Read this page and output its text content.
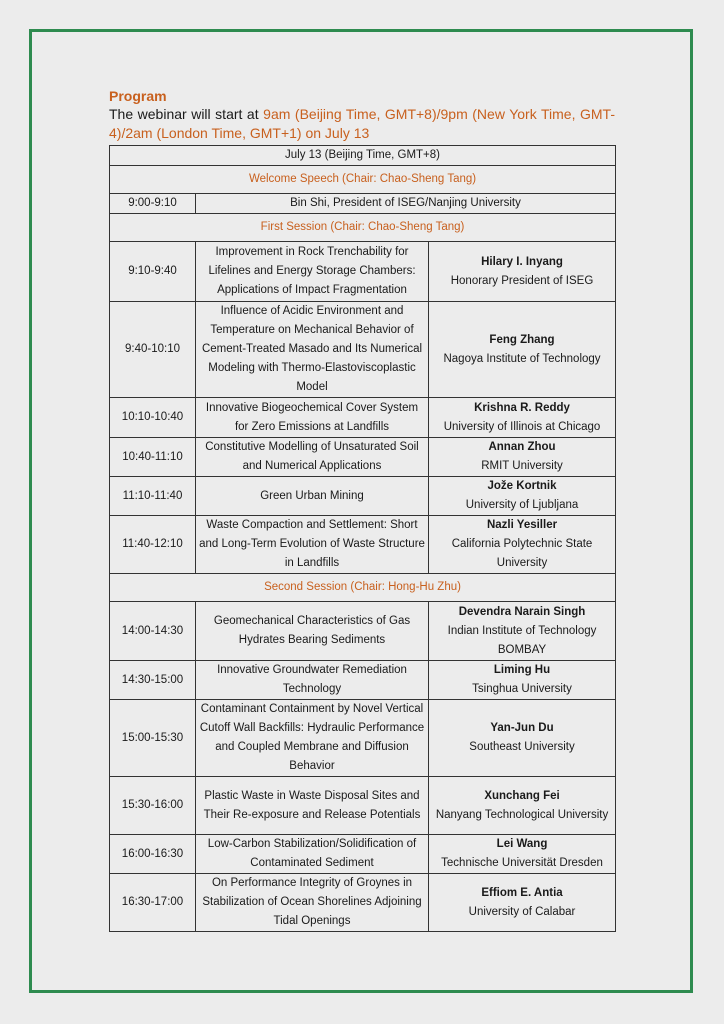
Program

The webinar will start at 9am (Beijing Time, GMT+8)/9pm (New York Time, GMT-4)/2am (London Time, GMT+1) on July 13

July 13 (Beijing Time, GMT+8)		
Welcome Speech (Chair: Chao-Sheng Tang)		
9:00-9:10	Bin Shi, President of ISEG/Nanjing University	
First Session (Chair: Chao-Sheng Tang)		
9:10-9:40	Improvement in Rock Trenchability for Lifelines and Energy Storage Chambers: Applications of Impact Fragmentation	Hilary I. Inyang
Honorary President of ISEG

9:40-10:10	Influence of Acidic Environment and Temperature on Mechanical Behavior of Cement-Treated Masado and Its Numerical Modeling with Thermo-Elastoviscoplastic Model	Feng Zhang
Nagoya Institute of Technology

10:10-10:40	Innovative Biogeochemical Cover System for Zero Emissions at Landfills	Krishna R. Reddy
University of Illinois at Chicago

10:40-11:10	Constitutive Modelling of Unsaturated Soil and Numerical Applications	Annan Zhou
RMIT University

11:10-11:40	Green Urban Mining	Jože Kortnik
University of Ljubljana

11:40-12:10	Waste Compaction and Settlement: Short and Long-Term Evolution of Waste Structure in Landfills	Nazli Yesiller
California Polytechnic State University

Second Session (Chair: Hong-Hu Zhu)		
14:00-14:30	Geomechanical Characteristics of Gas Hydrates Bearing Sediments	Devendra Narain Singh
Indian Institute of Technology BOMBAY

14:30-15:00	Innovative Groundwater Remediation Technology	Liming Hu
Tsinghua University

15:00-15:30	Contaminant Containment by Novel Vertical Cutoff Wall Backfills: Hydraulic Performance and Coupled Membrane and Diffusion Behavior	Yan-Jun Du
Southeast University

15:30-16:00	Plastic Waste in Waste Disposal Sites and Their Re-exposure and Release Potentials	Xunchang Fei
Nanyang Technological University

16:00-16:30	Low-Carbon Stabilization/Solidification of Contaminated Sediment	Lei Wang
Technische Universität Dresden

16:30-17:00	On Performance Integrity of Groynes in Stabilization of Ocean Shorelines Adjoining Tidal Openings	Effiom E. Antia
University of Calabar
